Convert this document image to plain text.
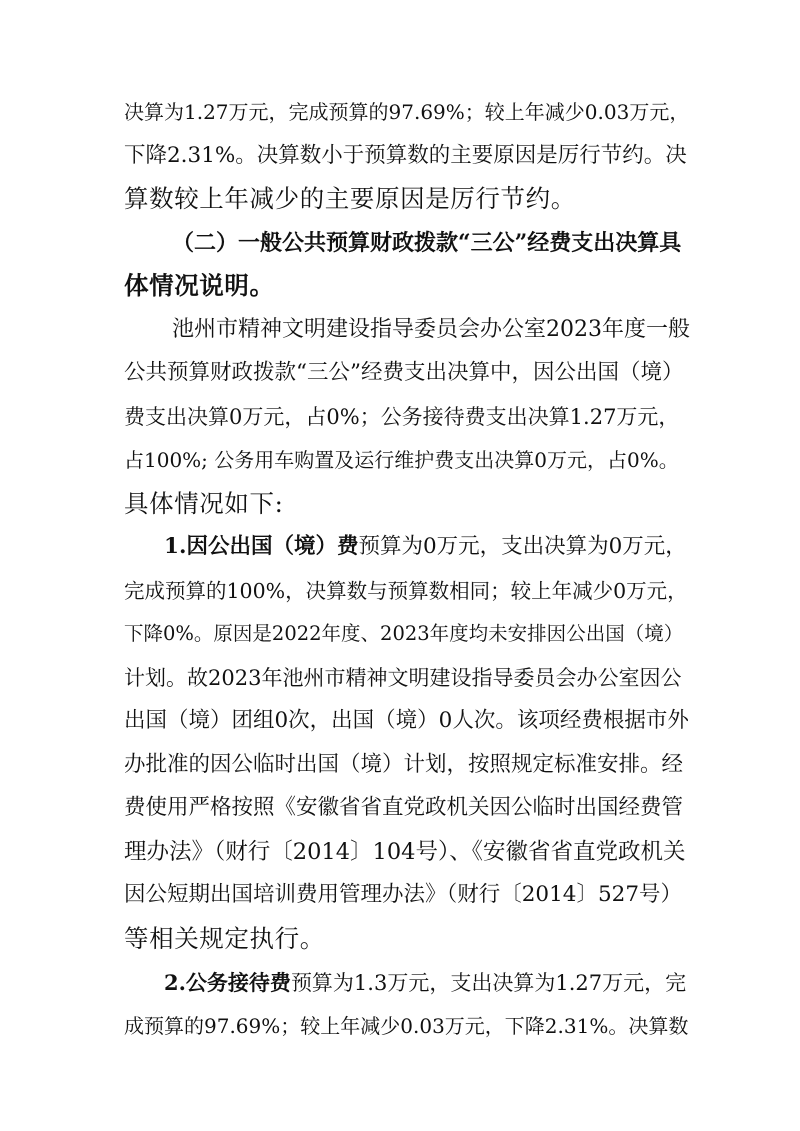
决算为1.27万元，完成预算的97.69%；较上年减少0.03万元，
下降2.31%。决算数小于预算数的主要原因是厉行节约。决
算数较上年减少的主要原因是厉行节约。
（二）一般公共预算财政拨款“三公”经费支出决算具
体情况说明。
池州市精神文明建设指导委员会办公室2023年度一般
公共预算财政拨款“三公”经费支出决算中，因公出国（境）
费支出决算0万元，占0%；公务接待费支出决算1.27万元，
占100%; 公务用车购置及运行维护费支出决算0万元，占0%。
具体情况如下:
1.因公出国（境）费预算为0万元，支出决算为0万元，
完成预算的100%，决算数与预算数相同；较上年减少0万元，
下降0%。原因是2022年度、2023年度均未安排因公出国（境）
计划。故2023年池州市精神文明建设指导委员会办公室因公
出国（境）团组0次，出国（境）0人次。该项经费根据市外
办批准的因公临时出国（境）计划，按照规定标准安排。经
费使用严格按照《安徽省省直党政机关因公临时出国经费管
理办法》（财行〔2014〕104号）、《安徽省省直党政机关
因公短期出国培训费用管理办法》（财行〔2014〕527号）
等相关规定执行。
2.公务接待费预算为1.3万元，支出决算为1.27万元，完
成预算的97.69%；较上年减少0.03万元，下降2.31%。决算数
